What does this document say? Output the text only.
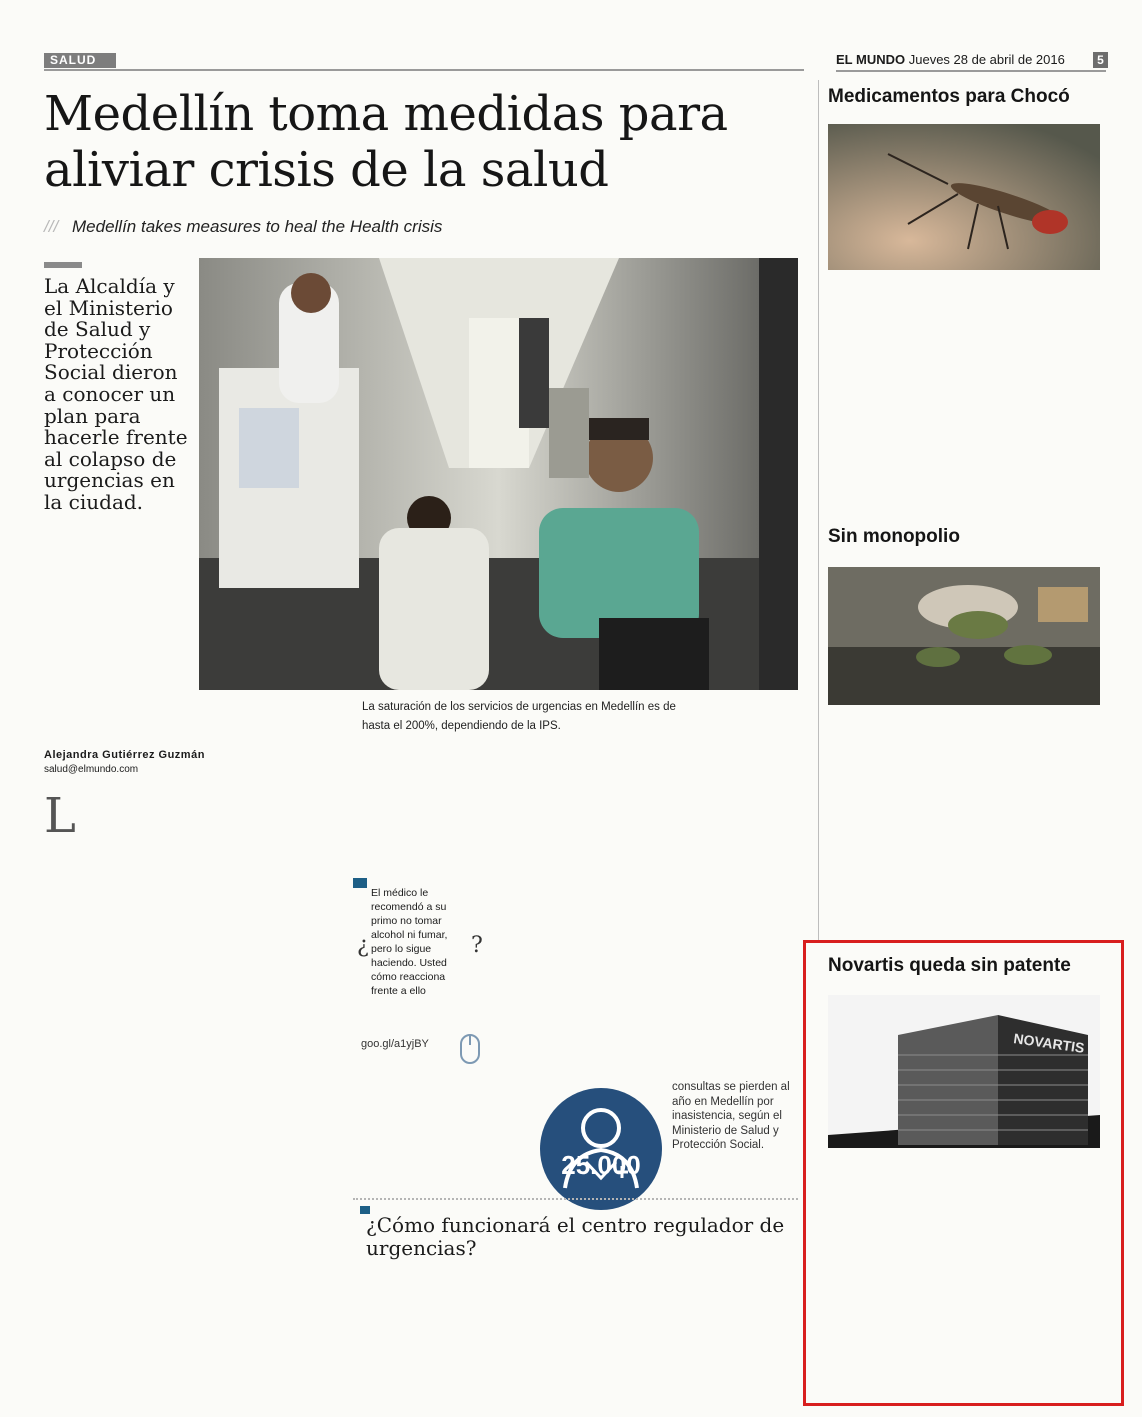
SALUD	EL MUNDO Jueves 28 de abril de 2016	5
Medellín toma medidas para aliviar crisis de la salud
/// Medellín takes measures to heal the Health crisis
La Alcaldía y el Ministerio de Salud y Protección Social dieron a conocer un plan para hacerle frente al colapso de urgencias en la ciudad.
La saturación de los servicios de urgencias en Medellín es de hasta el 200%, dependiendo de la IPS.
Alejandra Gutiérrez Guzmán
salud@elmundo.com
L
El médico le recomendó a su primo no tomar alcohol ni fumar, pero lo sigue haciendo. Usted cómo reacciona frente a ello
¿	?
goo.gl/a1yjBY
25.000
consultas se pierden al año en Medellín por inasistencia, según el Ministerio de Salud y Protección Social.
¿Cómo funcionará el centro regulador de urgencias?
Medicamentos para Chocó
Sin monopolio
Novartis queda sin patente
NOVARTIS
